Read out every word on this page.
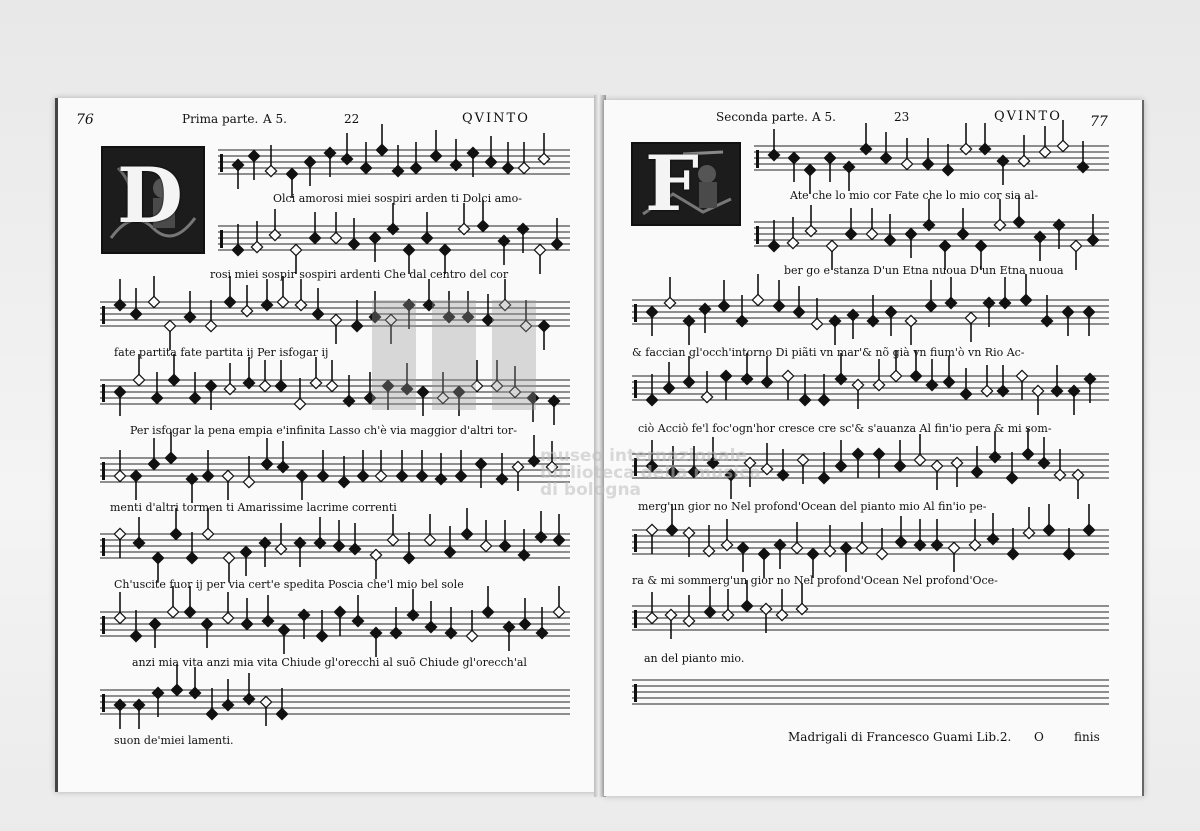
76	Prima parte. A 5.	22	QVINTO
D	Olci amorosi miei sospiri arden ti Dolci amo-
rosi miei sospir sospiri ardenti Che dal centro del cor
fate partita fate partita ij Per isfogar ij
Per isfogar la pena empia e'infinita Lasso ch'è via maggior d'altri tor-
menti d'altri tormen ti Amarissime lacrime correnti
Ch'uscite fuor ij per via cert'e spedita Poscia che'l mio bel sole
anzi mia vita anzi mia vita Chiude gl'orecchi al suõ Chiude gl'orecch'al
suon de'miei lamenti.
Seconda parte. A 5.	23	QVINTO 77
F	Ate che lo mio cor Fate che lo mio cor sia al-
ber go e stanza D'un Etna nuoua D'un Etna nuoua
& faccian gl'occh'intorno Di piãti vn mar'& nõ già vn fium'ò vn Rio Ac-
ciò Acciò fe'l foc'ogn'hor cresce cre sc'& s'auanza Al fin'io pera & mi som-
merg'un gior no Nel profond'Ocean del pianto mio Al fin'io pe-
ra & mi sommerg'un gior no Nel profond'Ocean Nel profond'Oce-
an del pianto mio.
Madrigali di Francesco Guami Lib.2. O	finis
museo internazionale
biblioteca della musica
di bologna
